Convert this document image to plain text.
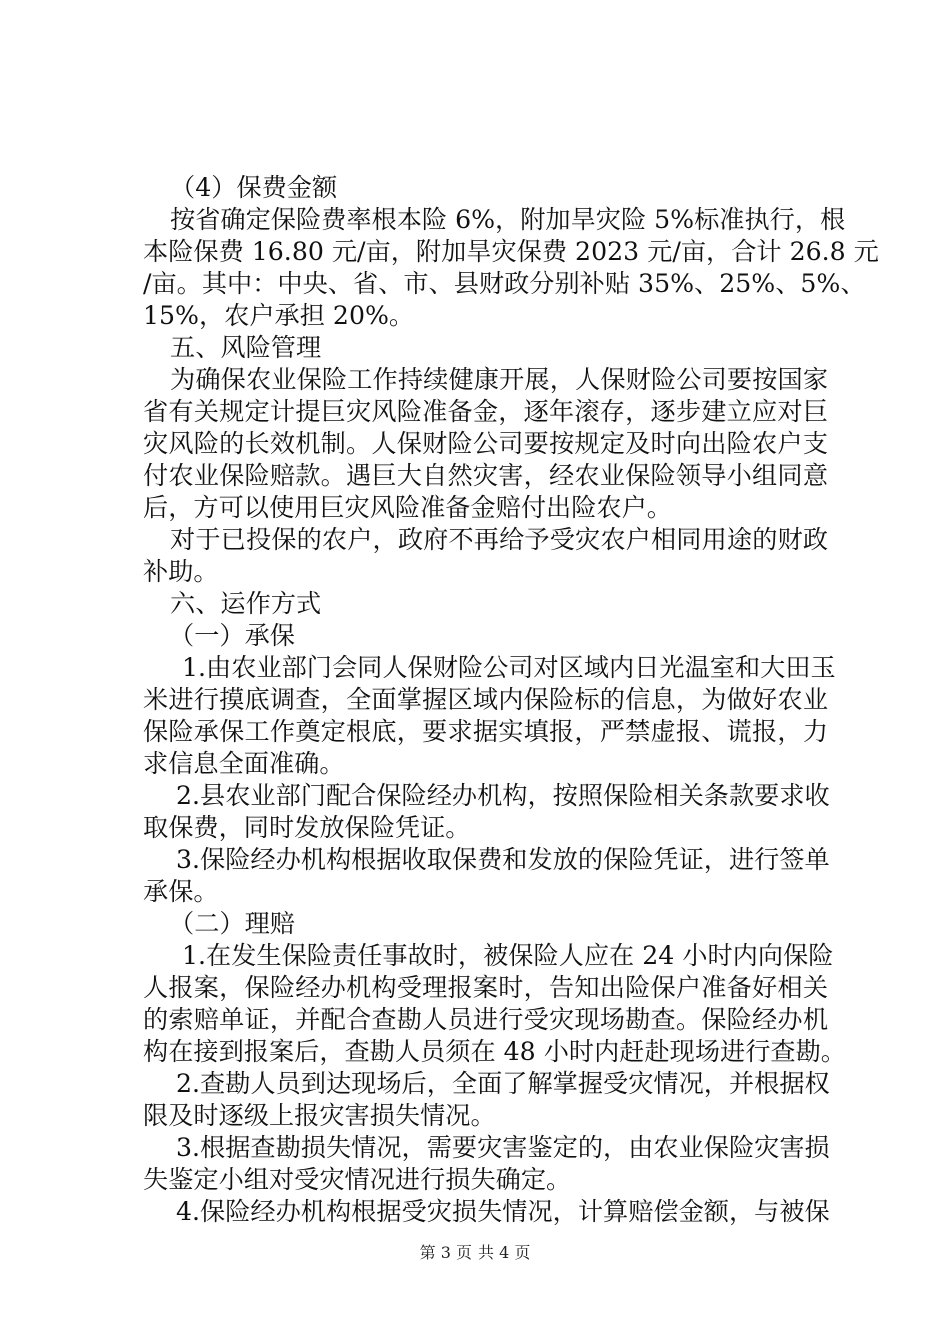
（4）保费金额
按省确定保险费率根本险 6%，附加旱灾险 5%标准执行，根
本险保费 16.80 元/亩，附加旱灾保费 2023 元/亩，合计 26.8 元
/亩。其中：中央、省、市、县财政分别补贴 35%、25%、5%、
15%，农户承担 20%。
五、风险管理
为确保农业保险工作持续健康开展，人保财险公司要按国家
省有关规定计提巨灾风险准备金，逐年滚存，逐步建立应对巨
灾风险的长效机制。人保财险公司要按规定及时向出险农户支
付农业保险赔款。遇巨大自然灾害，经农业保险领导小组同意
后，方可以使用巨灾风险准备金赔付出险农户。
对于已投保的农户，政府不再给予受灾农户相同用途的财政
补助。
六、运作方式
（一）承保
1.由农业部门会同人保财险公司对区域内日光温室和大田玉
米进行摸底调查，全面掌握区域内保险标的信息，为做好农业
保险承保工作奠定根底，要求据实填报，严禁虚报、谎报，力
求信息全面准确。
2.县农业部门配合保险经办机构，按照保险相关条款要求收
取保费，同时发放保险凭证。
3.保险经办机构根据收取保费和发放的保险凭证，进行签单
承保。
（二）理赔
1.在发生保险责任事故时，被保险人应在 24 小时内向保险
人报案，保险经办机构受理报案时，告知出险保户准备好相关
的索赔单证，并配合查勘人员进行受灾现场勘查。保险经办机
构在接到报案后，查勘人员须在 48 小时内赶赴现场进行查勘。
2.查勘人员到达现场后，全面了解掌握受灾情况，并根据权
限及时逐级上报灾害损失情况。
3.根据查勘损失情况，需要灾害鉴定的，由农业保险灾害损
失鉴定小组对受灾情况进行损失确定。
4.保险经办机构根据受灾损失情况，计算赔偿金额，与被保
第 3 页 共 4 页
